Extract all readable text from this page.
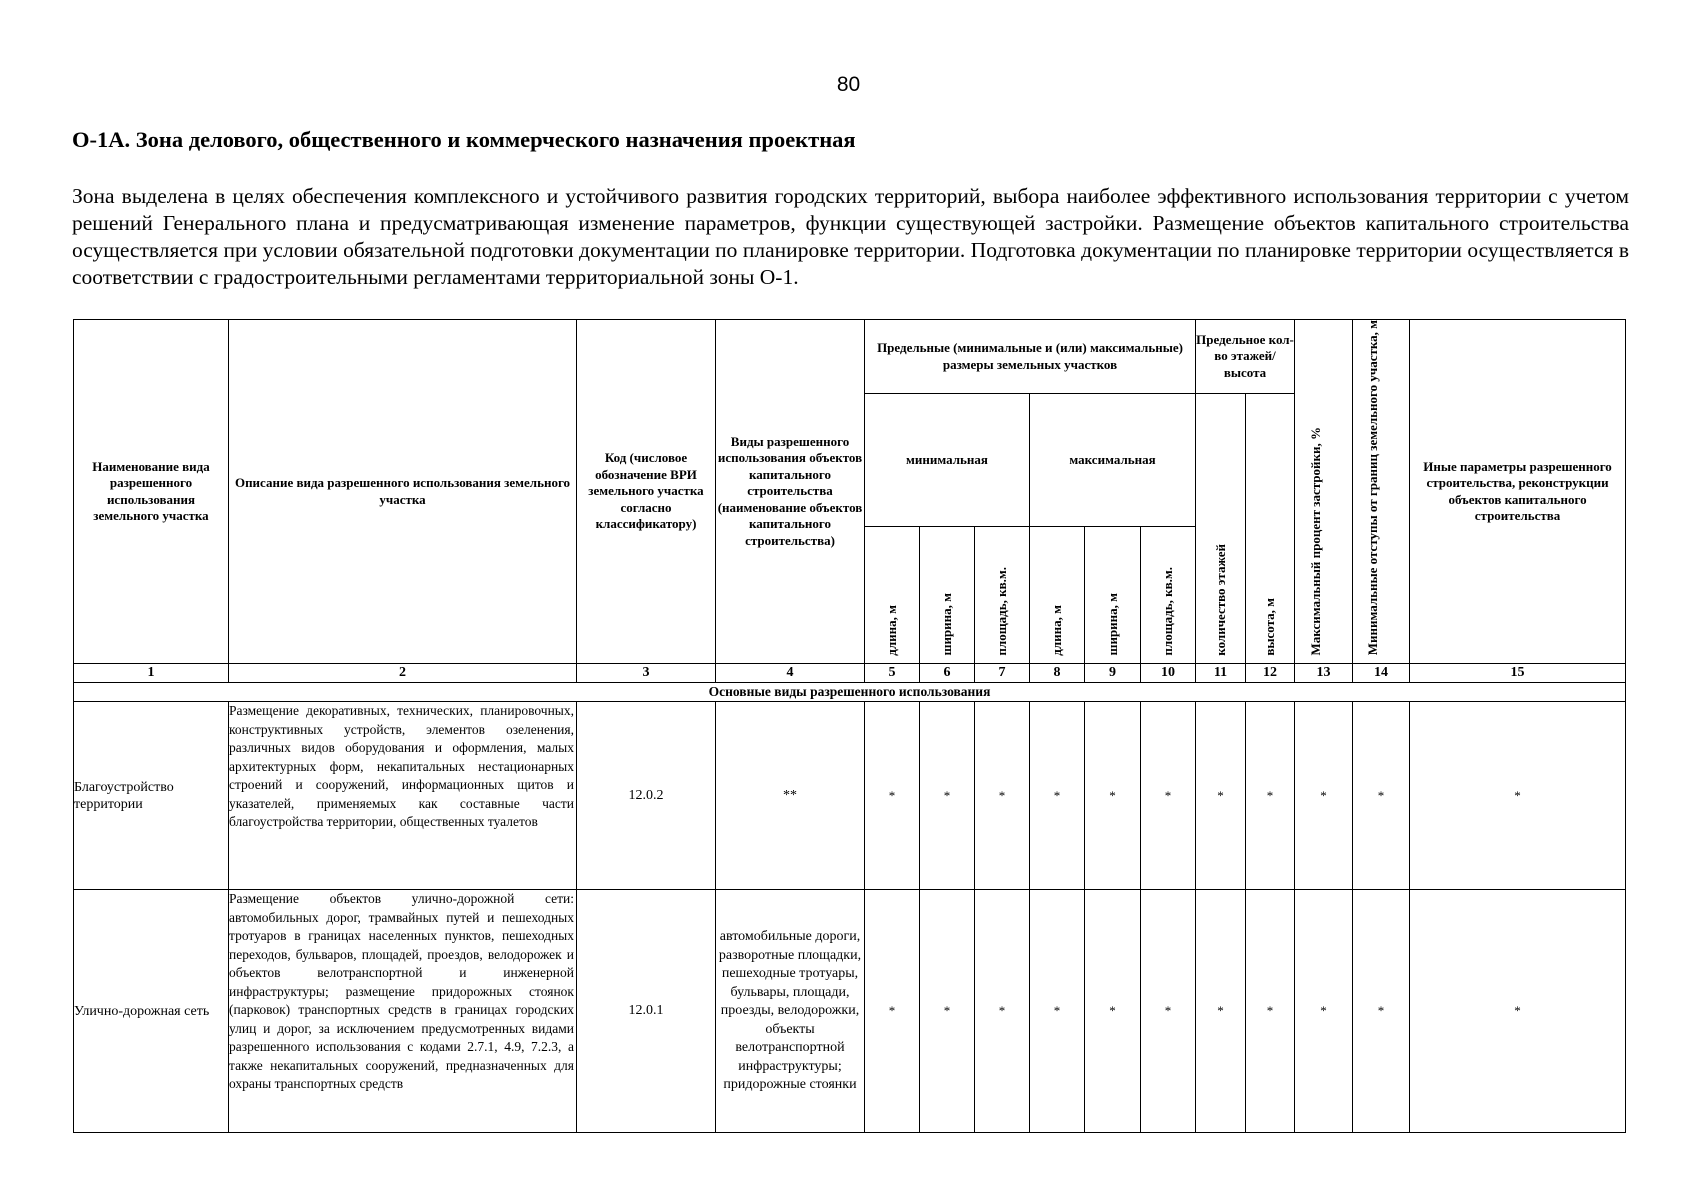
80
О-1А. Зона делового, общественного и коммерческого назначения проектная
Зона выделена в целях обеспечения комплексного и устойчивого развития городских территорий, выбора наиболее эффективного использования территории с учетом решений Генерального плана и предусматривающая изменение параметров, функции существующей застройки. Размещение объектов капитального строительства осуществляется при условии обязательной подготовки документации по планировке территории. Подготовка документации по планировке территории осуществляется в соответствии с градостроительными регламентами территориальной зоны О-1.
Наименование вида разрешенного использования земельного участка	Описание вида разрешенного использования земельного участка	Код (числовое обозначение ВРИ земельного участка согласно классификатору)	Виды разрешенного использования объектов капитального строительства (наименование объектов капитального строительства)	Предельные (минимальные и (или) максимальные) размеры земельных участков						Предельное кол-во этажей/ высота		Максимальный процент застройки, %	Минимальные отступы от границ земельного участка, м	Иные параметры разрешенного строительства, реконструкции объектов капитального строительства
				минимальная			максимальная			количество этажей	высота, м			
				длина, м	ширина, м	площадь, кв.м.	длина, м	ширина, м	площадь, кв.м.					
1	2	3	4	5	6	7	8	9	10	11	12	13	14	15
Основные виды разрешенного использования														
Благоустройство территории	Размещение декоративных, технических, планировочных, конструктивных устройств, элементов озеленения, различных видов оборудования и оформления, малых архитектурных форм, некапитальных нестационарных строений и сооружений, информационных щитов и указателей, применяемых как составные части благоустройства территории, общественных туалетов	12.0.2	**	*	*	*	*	*	*	*	*	*	*	*
Улично-дорожная сеть	Размещение объектов улично-дорожной сети: автомобильных дорог, трамвайных путей и пешеходных тротуаров в границах населенных пунктов, пешеходных переходов, бульваров, площадей, проездов, велодорожек и объектов велотранспортной и инженерной инфраструктуры; размещение придорожных стоянок (парковок) транспортных средств в границах городских улиц и дорог, за исключением предусмотренных видами разрешенного использования с кодами 2.7.1, 4.9, 7.2.3, а также некапитальных сооружений, предназначенных для охраны транспортных средств	12.0.1	автомобильные дороги, разворотные площадки, пешеходные тротуары, бульвары, площади, проезды, велодорожки, объекты велотранспортной инфраструктуры; придорожные стоянки	*	*	*	*	*	*	*	*	*	*	*
